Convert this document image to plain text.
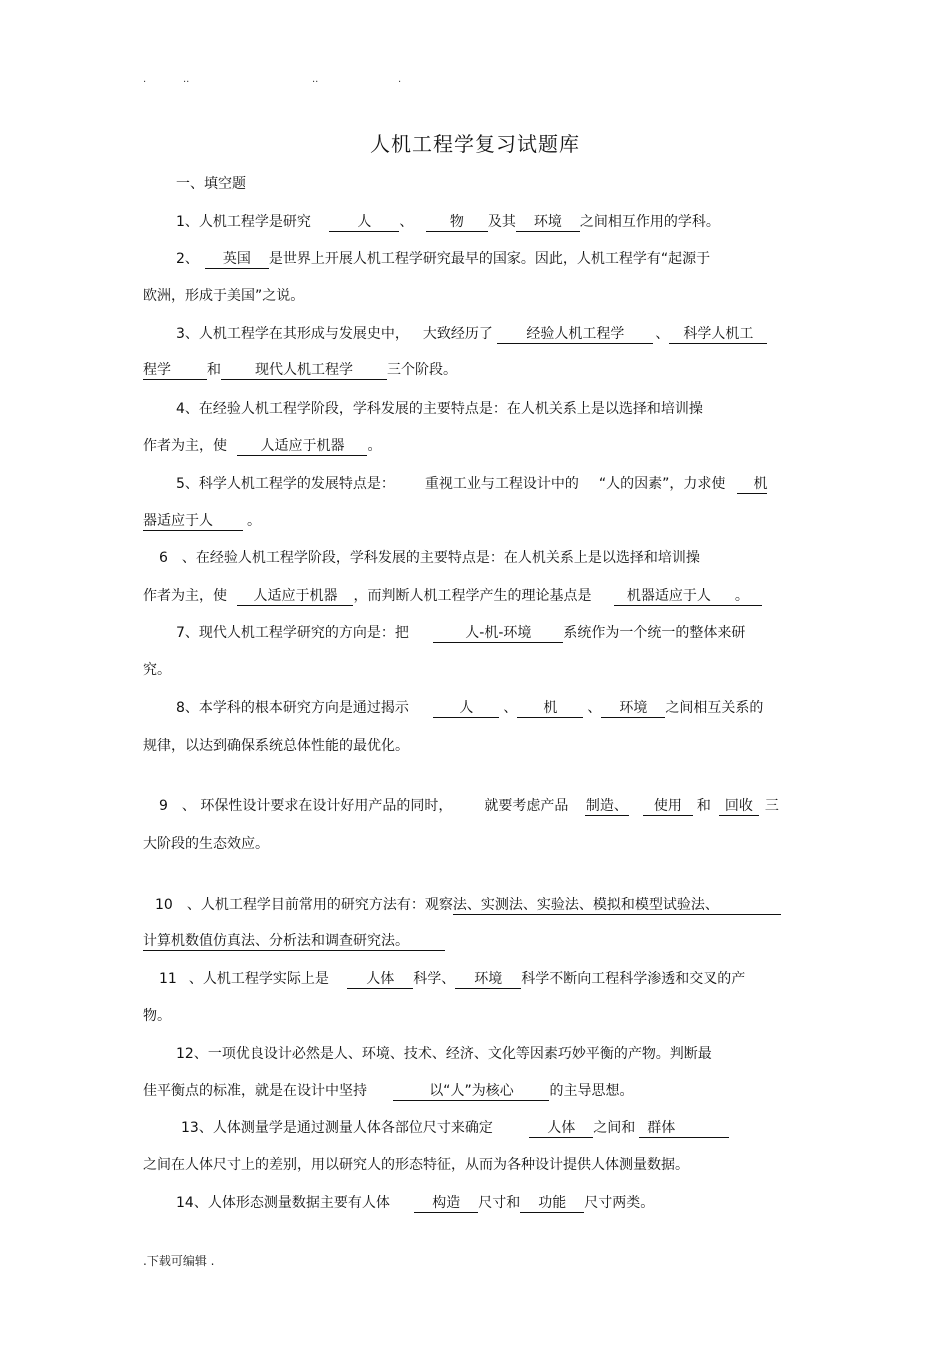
.	..	..	.
人机工程学复习试题库
一、填空题
1、人机工程学是研究	人 、	物 及其 环境 之间相互作用的学科。
2、 英国 是世界上开展人机工程学研究最早的国家。因此，人机工程学有“起源于
欧洲，形成于美国”之说。
3、人机工程学在其形成与发展史中， 大致经历了 经验人机工程学 、 科学人机工
程学	和 现代人机工程学 三个阶段。
4、在经验人机工程学阶段，学科发展的主要特点是：在人机关系上是以选择和培训操
作者为主，使 人适应于机器 。
5、科学人机工程学的发展特点是： 重视工业与工程设计中的 “人的因素”，力求使 机
器适应于人 。
6 、在经验人机工程学阶段，学科发展的主要特点是：在人机关系上是以选择和培训操
作者为主，使 人适应于机器 ，而判断人机工程学产生的理论基点是	机器适应于人 。
7、现代人机工程学研究的方向是：把	人-机-环境 系统作为一个统一的整体来研
究。
8、本学科的根本研究方向是通过揭示	人 、 机 、 环境 之间相互关系的
规律，以达到确保系统总体性能的最优化。
9 、 环保性设计要求在设计好用产品的同时， 就要考虑产品 制造、 使用 和 回收 三
大阶段的生态效应。
10 、人机工程学目前常用的研究方法有：观察法、实测法、实验法、模拟和模型试验法、
计算机数值仿真法、分析法和调查研究法。
11 、人机工程学实际上是	人体 科学、 环境 科学不断向工程科学渗透和交叉的产
物。
12、一项优良设计必然是人、环境、技术、经济、文化等因素巧妙平衡的产物。判断最
佳平衡点的标准，就是在设计中坚持	以“人”为核心	的主导思想。
13、人体测量学是通过测量人体各部位尺寸来确定	人体 之间和 群体
之间在人体尺寸上的差别，用以研究人的形态特征，从而为各种设计提供人体测量数据。
14、人体形态测量数据主要有人体	构造 尺寸和 功能 尺寸两类。
.下载可编辑 .
